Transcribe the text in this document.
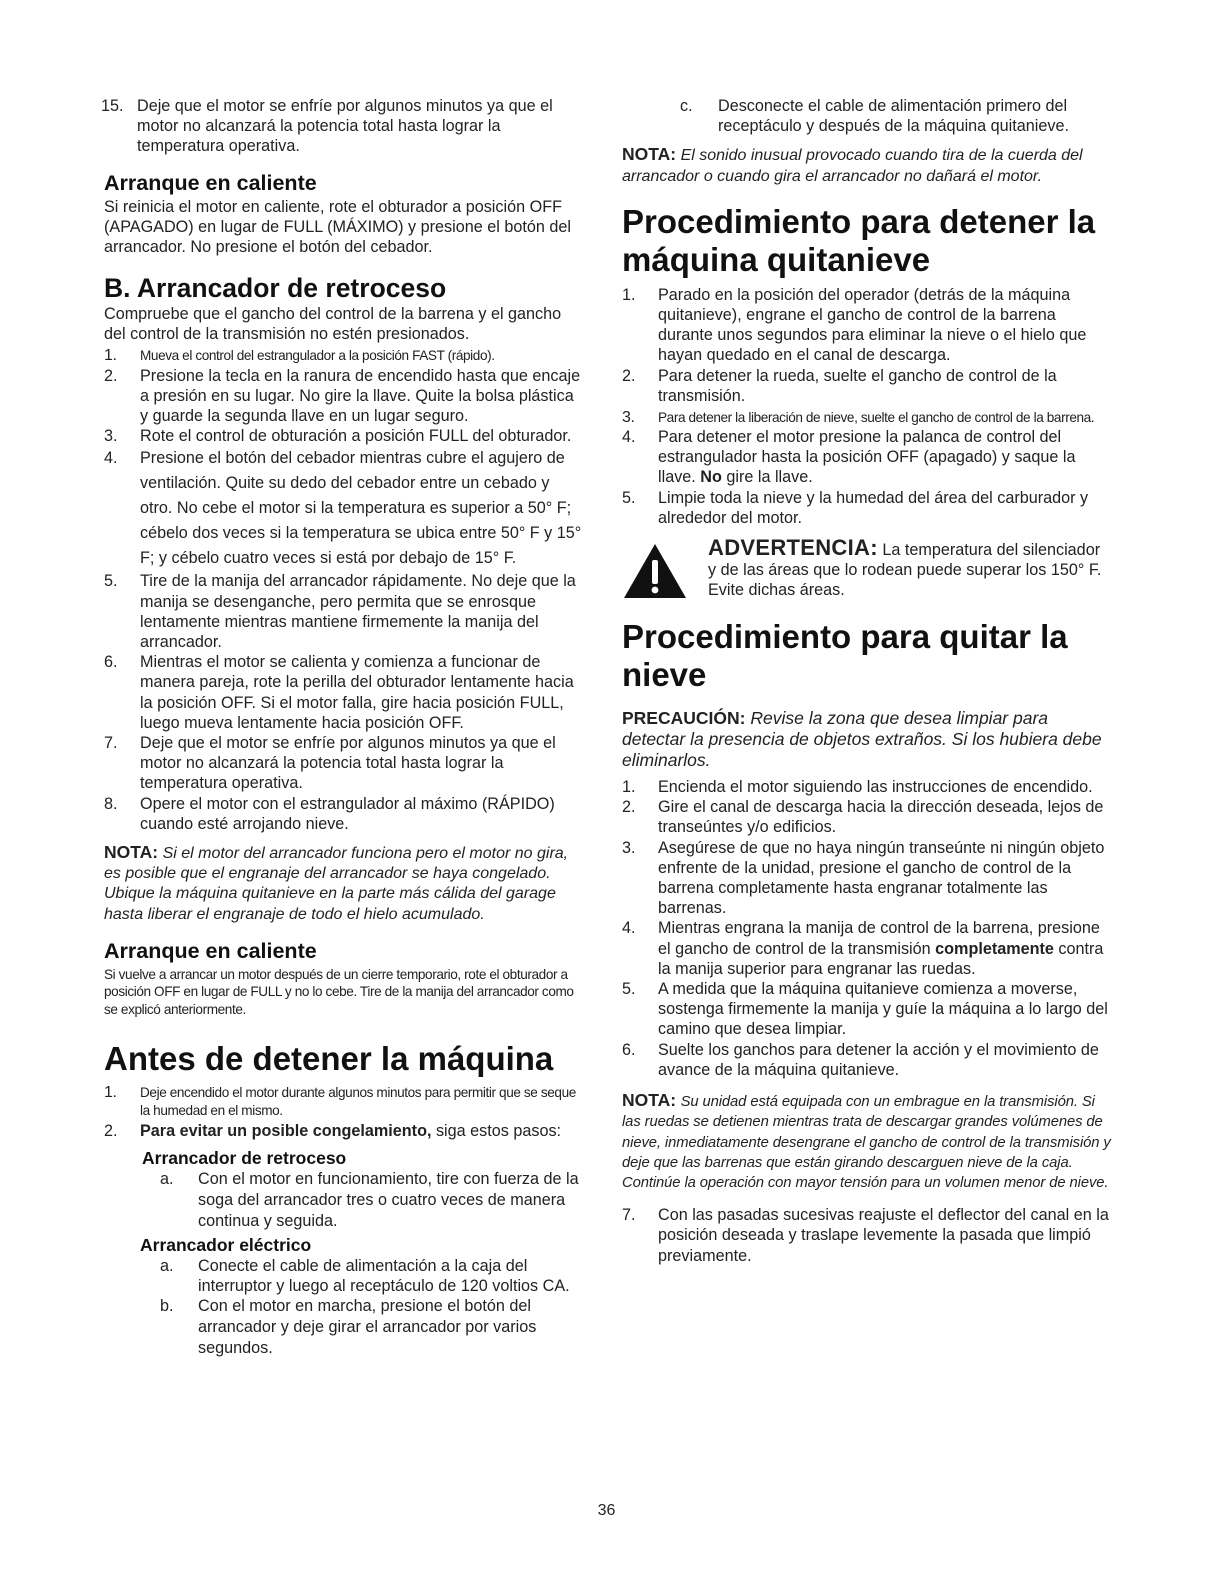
15. Deje que el motor se enfríe por algunos minutos ya que el motor no alcanzará la potencia total hasta lograr la temperatura operativa.
Arranque en caliente

Si reinicia el motor en caliente, rote el obturador a posición OFF (APAGADO) en lugar de FULL (MÁXIMO) y presione el botón del arrancador. No presione el botón del cebador.

B. Arrancador de retroceso

Compruebe que el gancho del control de la barrena y el gancho del control de la transmisión no estén presionados.

1. Mueva el control del estrangulador a la posición FAST (rápido).
2. Presione la tecla en la ranura de encendido hasta que encaje a presión en su lugar. No gire la llave. Quite la bolsa plástica y guarde la segunda llave en un lugar seguro.
3. Rote el control de obturación a posición FULL del obturador.
4. Presione el botón del cebador mientras cubre el agujero de ventilación. Quite su dedo del cebador entre un cebado y otro. No cebe el motor si la temperatura es superior a 50° F; cébelo dos veces si la temperatura se ubica entre 50° F y 15° F; y cébelo cuatro veces si está por debajo de 15° F.
5. Tire de la manija del arrancador rápidamente. No deje que la manija se desenganche, pero permita que se enrosque lentamente mientras mantiene firmemente la manija del arrancador.
6. Mientras el motor se calienta y comienza a funcionar de manera pareja, rote la perilla del obturador lentamente hacia la posición OFF. Si el motor falla, gire hacia posición FULL, luego mueva lentamente hacia posición OFF.
7. Deje que el motor se enfríe por algunos minutos ya que el motor no alcanzará la potencia total hasta lograr la temperatura operativa.
8. Opere el motor con el estrangulador al máximo (RÁPIDO) cuando esté arrojando nieve.
NOTA: Si el motor del arrancador funciona pero el motor no gira, es posible que el engranaje del arrancador se haya congelado. Ubique la máquina quitanieve en la parte más cálida del garage hasta liberar el engranaje de todo el hielo acumulado.
Arranque en caliente

Si vuelve a arrancar un motor después de un cierre temporario, rote el obturador a posición OFF en lugar de FULL y no lo cebe. Tire de la manija del arrancador como se explicó anteriormente.

Antes de detener la máquina
1. Deje encendido el motor durante algunos minutos para permitir que se seque la humedad en el mismo.
2. Para evitar un posible congelamiento, siga estos pasos:
Arrancador de retroceso
a.	Con el motor en funcionamiento, tire con fuerza de la soga del arrancador tres o cuatro veces de manera continua y seguida.
Arrancador eléctrico
a.	Conecte el cable de alimentación a la caja del interruptor y luego al receptáculo de 120 voltios CA.
b.	Con el motor en marcha, presione el botón del arrancador y deje girar el arrancador por varios segundos.
c. Desconecte el cable de alimentación primero del receptáculo y después de la máquina quitanieve.
NOTA: El sonido inusual provocado cuando tira de la cuerda del arrancador o cuando gira el arrancador no dañará el motor.
Procedimiento para detener la máquina quitanieve
1. Parado en la posición del operador (detrás de la máquina quitanieve), engrane el gancho de control de la barrena durante unos segundos para eliminar la nieve o el hielo que hayan quedado en el canal de descarga.
2. Para detener la rueda, suelte el gancho de control de la transmisión.
3. Para detener la liberación de nieve, suelte el gancho de control de la barrena.
4. Para detener el motor presione la palanca de control del estrangulador hasta la posición OFF (apagado) y saque la llave. No gire la llave.
5. Limpie toda la nieve y la humedad del área del carburador y alrededor del motor.

ADVERTENCIA: La temperatura del silenciador y de las áreas que lo rodean puede superar los 150° F. Evite dichas áreas.

Procedimiento para quitar la nieve
PRECAUCIÓN: Revise la zona que desea limpiar para detectar la presencia de objetos extraños. Si los hubiera debe eliminarlos.
1. Encienda el motor siguiendo las instrucciones de encendido.
2. Gire el canal de descarga hacia la dirección deseada, lejos de transeúntes y/o edificios.
3. Asegúrese de que no haya ningún transeúnte ni ningún objeto enfrente de la unidad, presione el gancho de control de la barrena completamente hasta engranar totalmente las barrenas.
4. Mientras engrana la manija de control de la barrena, presione el gancho de control de la transmisión completamente contra la manija superior para engranar las ruedas.
5. A medida que la máquina quitanieve comienza a moverse, sostenga firmemente la manija y guíe la máquina a lo largo del camino que desea limpiar.
6. Suelte los ganchos para detener la acción y el movimiento de avance de la máquina quitanieve.
NOTA: Su unidad está equipada con un embrague en la transmisión. Si las ruedas se detienen mientras trata de descargar grandes volúmenes de nieve, inmediatamente desengrane el gancho de control de la transmisión y deje que las barrenas que están girando descarguen nieve de la caja. Continúe la operación con mayor tensión para un volumen menor de nieve.
7. Con las pasadas sucesivas reajuste el deflector del canal en la posición deseada y traslape levemente la pasada que limpió previamente.
36
